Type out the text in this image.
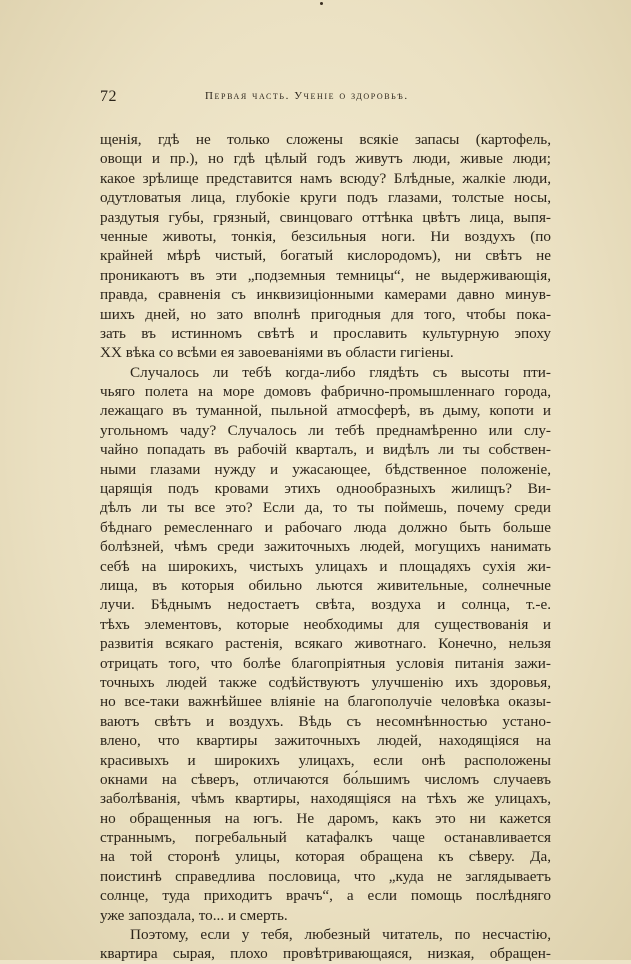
72	Первая часть. Ученіе о здоровьѣ.
щенія, гдѣ не только сложены всякіе запасы (картофель,
овощи и пр.), но гдѣ цѣлый годъ живутъ люди, живые люди;
какое зрѣлище представится намъ всюду? Блѣдные, жалкіе люди,
одутловатыя лица, глубокіе круги подъ глазами, толстые носы,
раздутыя губы, грязный, свинцоваго оттѣнка цвѣтъ лица, выпя-
ченные животы, тонкія, безсильныя ноги. Ни воздухъ (по
крайней мѣрѣ чистый, богатый кислородомъ), ни свѣтъ не
проникаютъ въ эти „подземныя темницы“, не выдерживающія,
правда, сравненія съ инквизиціонными камерами давно минув-
шихъ дней, но зато вполнѣ пригодныя для того, чтобы пока-
зать въ истинномъ свѣтѣ и прославить культурную эпоху
XX вѣка со всѣми ея завоеваніями въ области гигіены.
Случалось ли тебѣ когда-либо глядѣть съ высоты пти-
чьяго полета на море домовъ фабрично-промышленнаго города,
лежащаго въ туманной, пыльной атмосферѣ, въ дыму, копоти и
угольномъ чаду? Случалось ли тебѣ преднамѣренно или слу-
чайно попадать въ рабочій кварталъ, и видѣлъ ли ты собствен-
ными глазами нужду и ужасающее, бѣдственное положеніе,
царящія подъ кровами этихъ однообразныхъ жилищъ? Ви-
дѣлъ ли ты все это? Если да, то ты поймешь, почему среди
бѣднаго ремесленнаго и рабочаго люда должно быть больше
болѣзней, чѣмъ среди зажиточныхъ людей, могущихъ нанимать
себѣ на широкихъ, чистыхъ улицахъ и площадяхъ сухія жи-
лища, въ которыя обильно льются живительные, солнечные
лучи. Бѣднымъ недостаетъ свѣта, воздуха и солнца, т.-е.
тѣхъ элементовъ, которые необходимы для существованія и
развитія всякаго растенія, всякаго животнаго. Конечно, нельзя
отрицать того, что болѣе благопріятныя условія питанія зажи-
точныхъ людей также содѣйствуютъ улучшенію ихъ здоровья,
но все-таки важнѣйшее вліяніе на благополучіе человѣка оказы-
ваютъ свѣтъ и воздухъ. Вѣдь съ несомнѣнностью устано-
влено, что квартиры зажиточныхъ людей, находящіяся на
красивыхъ и широкихъ улицахъ, если онѣ расположены
окнами на сѣверъ, отличаются бо́льшимъ числомъ случаевъ
заболѣванія, чѣмъ квартиры, находящіяся на тѣхъ же улицахъ,
но обращенныя на югъ. Не даромъ, какъ это ни кажется
страннымъ, погребальный катафалкъ чаще останавливается
на той сторонѣ улицы, которая обращена къ сѣверу. Да,
поистинѣ справедлива пословица, что „куда не заглядываетъ
солнце, туда приходитъ врачъ“, а если помощь послѣдняго
уже запоздала, то... и смерть.
Поэтому, если у тебя, любезный читатель, по несчастію,
квартира сырая, плохо провѣтривающаяся, низкая, обращен-
